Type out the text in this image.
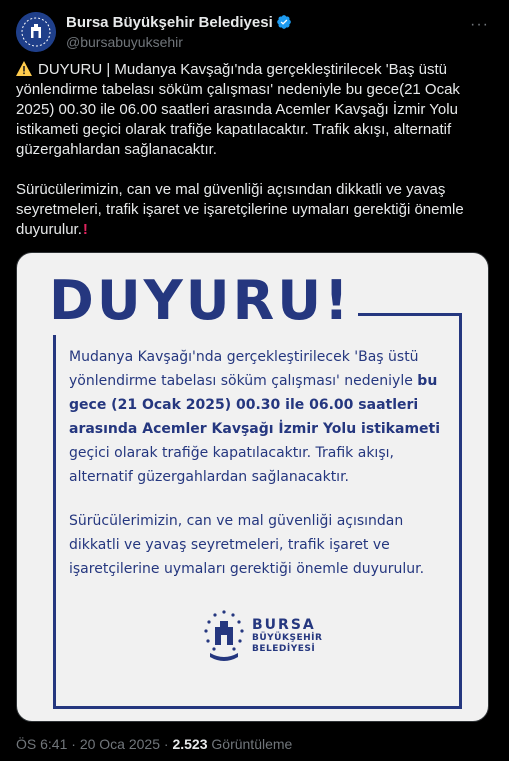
Bursa Büyükşehir Belediyesi
@bursabuyuksehir
···
DUYURU | Mudanya Kavşağı'nda gerçekleştirilecek 'Baş üstü yönlendirme tabelası söküm çalışması' nedeniyle bu gece(21 Ocak 2025) 00.30 ile 06.00 saatleri arasında Acemler Kavşağı İzmir Yolu istikameti geçici olarak trafiğe kapatılacaktır. Trafik akışı, alternatif güzergahlardan sağlanacaktır.

Sürücülerimizin, can ve mal güvenliği açısından dikkatli ve yavaş seyretmeleri, trafik işaret ve işaretçilerine uymaları gerektiği önemle duyurulur.!
DUYURU!
Mudanya Kavşağı'nda gerçekleştirilecek 'Baş üstü yönlendirme tabelası söküm çalışması' nedeniyle bu gece (21 Ocak 2025) 00.30 ile 06.00 saatleri arasında Acemler Kavşağı İzmir Yolu istikameti geçici olarak trafiğe kapatılacaktır. Trafik akışı, alternatif güzergahlardan sağlanacaktır.
Sürücülerimizin, can ve mal güvenliği açısından dikkatli ve yavaş seyretmeleri, trafik işaret ve işaretçilerine uymaları gerektiği önemle duyurulur.
BURSA
BÜYÜKŞEHİR
BELEDİYESİ
ÖS 6:41 · 20 Oca 2025 · 2.523 Görüntüleme
